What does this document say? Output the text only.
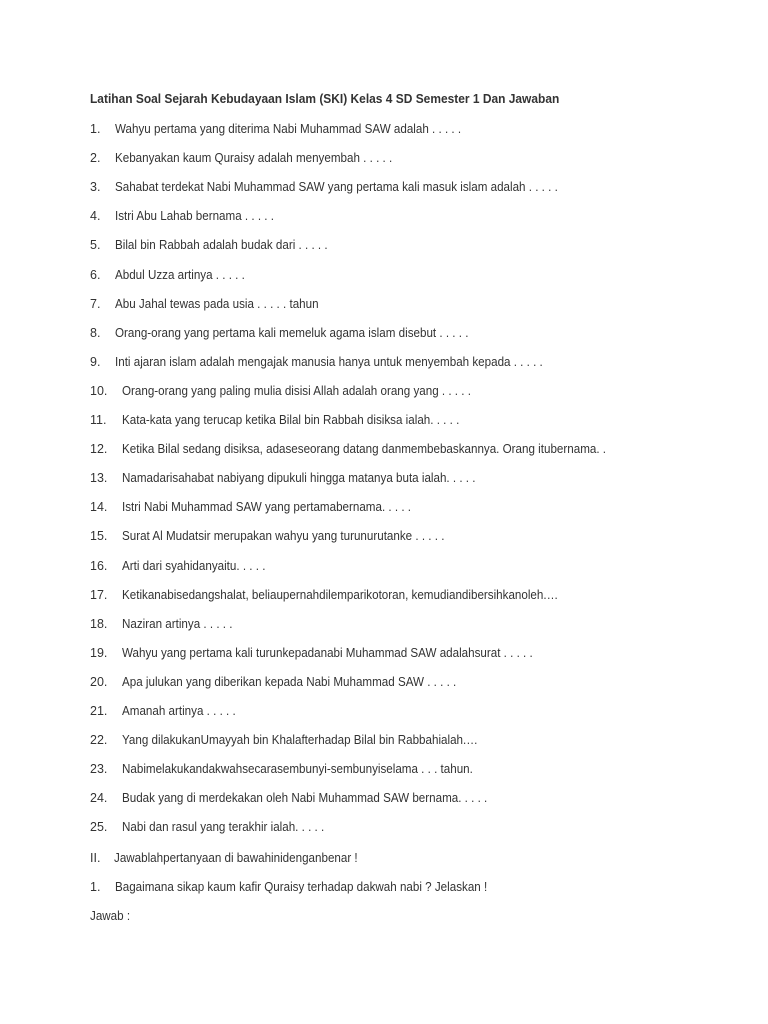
Latihan Soal Sejarah Kebudayaan Islam (SKI) Kelas 4 SD Semester 1 Dan Jawaban
1. Wahyu pertama yang diterima Nabi Muhammad SAW adalah . . . . .
2. Kebanyakan kaum Quraisy adalah menyembah . . . . .
3. Sahabat terdekat Nabi Muhammad SAW yang pertama kali masuk islam adalah . . . . .
4. Istri Abu Lahab bernama . . . . .
5. Bilal bin Rabbah adalah budak dari . . . . .
6. Abdul Uzza artinya . . . . .
7. Abu Jahal tewas pada usia . . . . . tahun
8. Orang-orang yang pertama kali memeluk agama islam disebut . . . . .
9. Inti ajaran islam adalah mengajak manusia hanya untuk menyembah kepada . . . . .
10. Orang-orang yang paling mulia disisi Allah adalah orang yang . . . . .
11. Kata-kata yang terucap ketika Bilal bin Rabbah disiksa ialah. . . . .
12. Ketika Bilal sedang disiksa, adaseseorang datang danmembebaskannya. Orang itubernama. .
13. Namadarisahabat nabiyang dipukuli hingga matanya buta ialah. . . . .
14. Istri Nabi Muhammad SAW yang pertamabernama. . . . .
15. Surat Al Mudatsir merupakan wahyu yang turunurutanke . . . . .
16. Arti dari syahidanyaitu. . . . .
17. Ketikanabisedangshalat, beliaupernahdilemparikotoran, kemudiandibersihkanoleh.…
18. Naziran artinya . . . . .
19. Wahyu yang pertama kali turunkepadanabi Muhammad SAW adalahsurat . . . . .
20. Apa julukan yang diberikan kepada Nabi Muhammad SAW . . . . .
21. Amanah artinya . . . . .
22. Yang dilakukanUmayyah bin Khalafterhadap Bilal bin Rabbahialah.…
23. Nabimelakukandakwahsecarasembunyi-sembunyiselama . . . tahun.
24. Budak yang di merdekakan oleh Nabi Muhammad SAW bernama. . . . .
25. Nabi dan rasul yang terakhir ialah. . . . .
II. Jawablahpertanyaan di bawahinidenganbenar !
1. Bagaimana sikap kaum kafir Quraisy terhadap dakwah nabi ? Jelaskan !
Jawab :
